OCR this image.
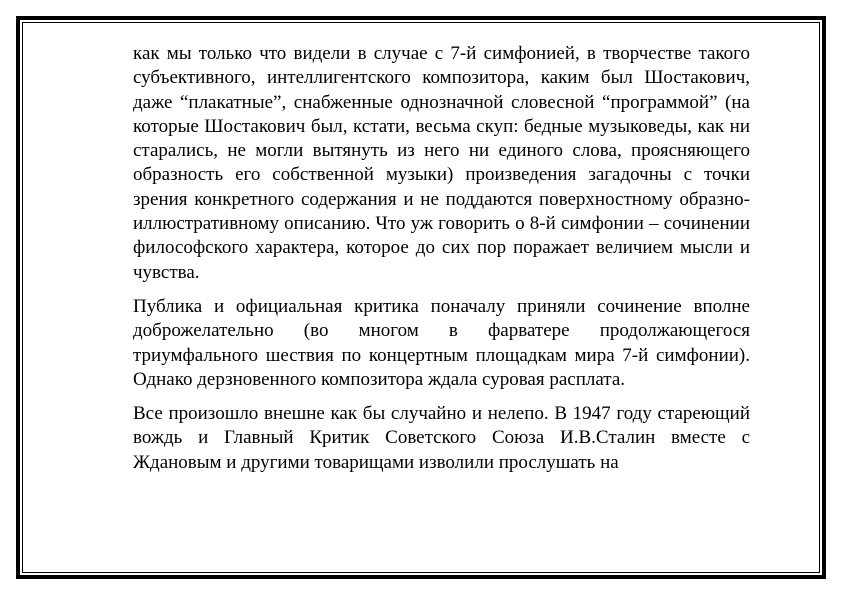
как мы только что видели в случае с 7-й симфонией, в творчестве такого субъективного, интеллигентского композитора, каким был Шостакович, даже “плакатные”, снабженные однозначной словесной “программой” (на которые Шостакович был, кстати, весьма скуп: бедные музыковеды, как ни старались, не могли вытянуть из него ни единого слова, проясняющего образность его собственной музыки) произведения загадочны с точки зрения конкретного содержания и не поддаются поверхностному образно-иллюстративному описанию. Что уж говорить о 8-й симфонии – сочинении философского характера, которое до сих пор поражает величием мысли и чувства.

Публика и официальная критика поначалу приняли сочинение вполне доброжелательно (во многом в фарватере продолжающегося триумфального шествия по концертным площадкам мира 7-й симфонии). Однако дерзновенного композитора ждала суровая расплата.

Все произошло внешне как бы случайно и нелепо. В 1947 году стареющий вождь и Главный Критик Советского Союза И.В.Сталин вместе с Ждановым и другими товарищами изволили прослушать на
